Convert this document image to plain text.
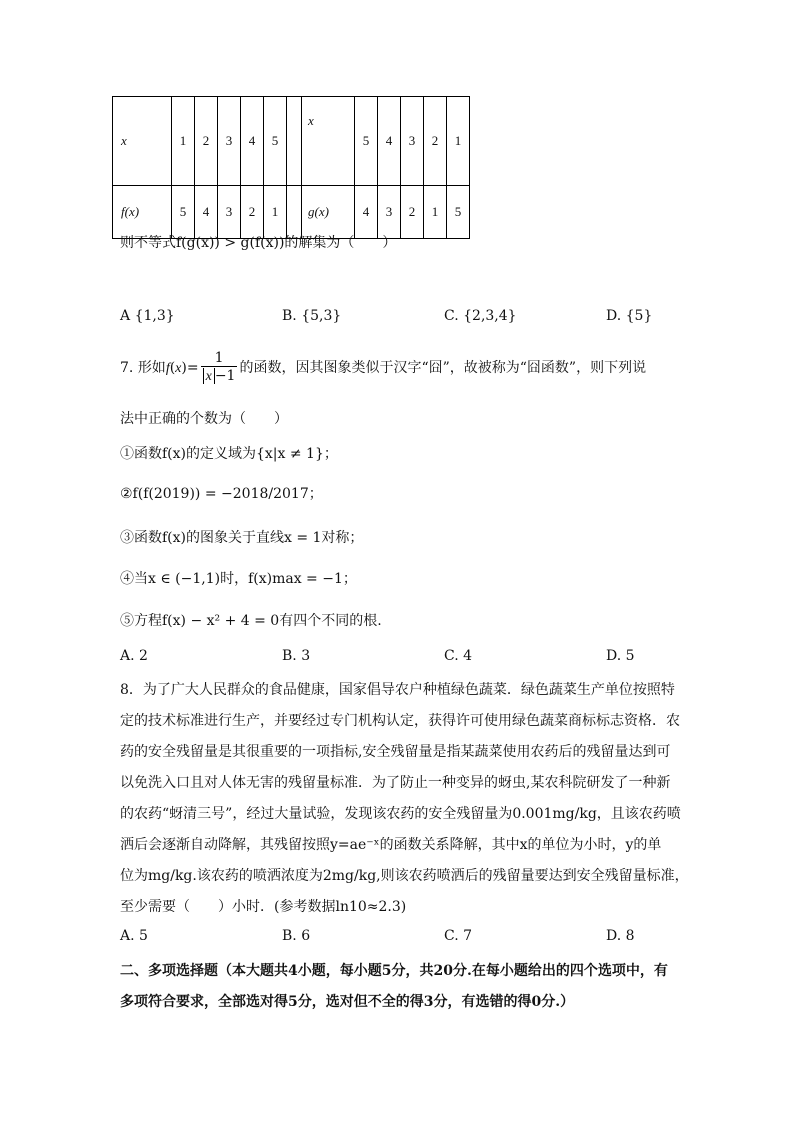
x	1	2	3	4	5		x	5	4	3	2	1
f(x)	5	4	3	2	1		g(x)	4	3	2	1	5
则不等式f(g(x)) > g(f(x))的解集为（　　）
A {1,3}	B. {5,3}	C. {2,3,4}	D. {5}
7. 形如$f(x)= \frac{1}{x -1}$ 的函数，因其图象类似于汉字“囧”，故被称为“囧函数”，则下列说
法中正确的个数为（　　）
①函数f(x)的定义域为{x|x ≠ 1}；
②f(f(2019)) = −2018/2017；
③函数f(x)的图象关于直线x = 1对称；
④当x ∈ (−1,1)时，f(x)max = −1；
⑤方程f(x) − x² + 4 = 0有四个不同的根.
A. 2	B. 3	C. 4	D. 5
8．为了广大人民群众的食品健康，国家倡导农户种植绿色蔬菜．绿色蔬菜生产单位按照特
定的技术标准进行生产，并要经过专门机构认定，获得许可使用绿色蔬菜商标标志资格．农
药的安全残留量是其很重要的一项指标,安全残留量是指某蔬菜使用农药后的残留量达到可
以免洗入口且对人体无害的残留量标准．为了防止一种变异的蚜虫,某农科院研发了一种新
的农药“蚜清三号”，经过大量试验，发现该农药的安全残留量为0.001mg/kg，且该农药喷
洒后会逐渐自动降解，其残留按照y=ae⁻ˣ的函数关系降解，其中x的单位为小时，y的单
位为mg/kg.该农药的喷洒浓度为2mg/kg,则该农药喷洒后的残留量要达到安全残留量标准，
至少需要（　　）小时．(参考数据ln10≈2.3)
A. 5	B. 6	C. 7	D. 8
二、多项选择题（本大题共4小题，每小题5分，共20分.在每小题给出的四个选项中，有
多项符合要求，全部选对得5分，选对但不全的得3分，有选错的得0分.）
